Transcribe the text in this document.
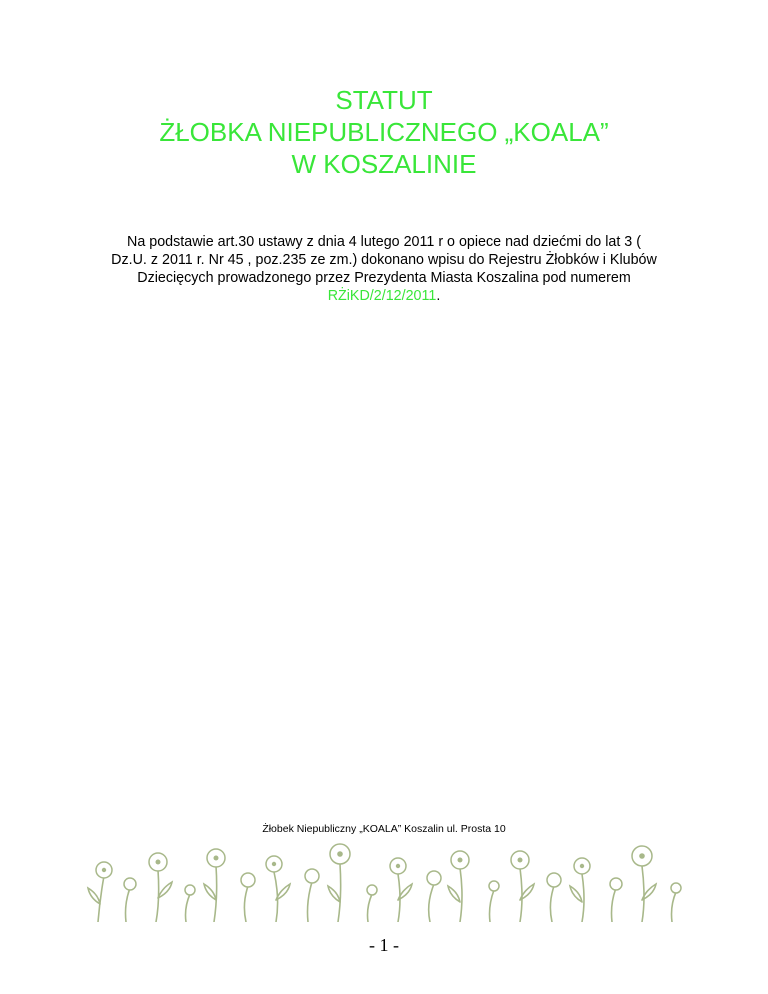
STATUT
ŻŁOBKA NIEPUBLICZNEGO „KOALA”
W KOSZALINIE
Na podstawie art.30 ustawy z dnia 4 lutego 2011 r o opiece nad dziećmi do lat 3 ( Dz.U. z 2011 r. Nr 45 , poz.235 ze zm.) dokonano wpisu do Rejestru Żłobków i Klubów Dziecięcych prowadzonego przez Prezydenta Miasta Koszalina pod numerem RŻiKD/2/12/2011.
Żłobek Niepubliczny „KOALA” Koszalin ul. Prosta 10
- 1 -
